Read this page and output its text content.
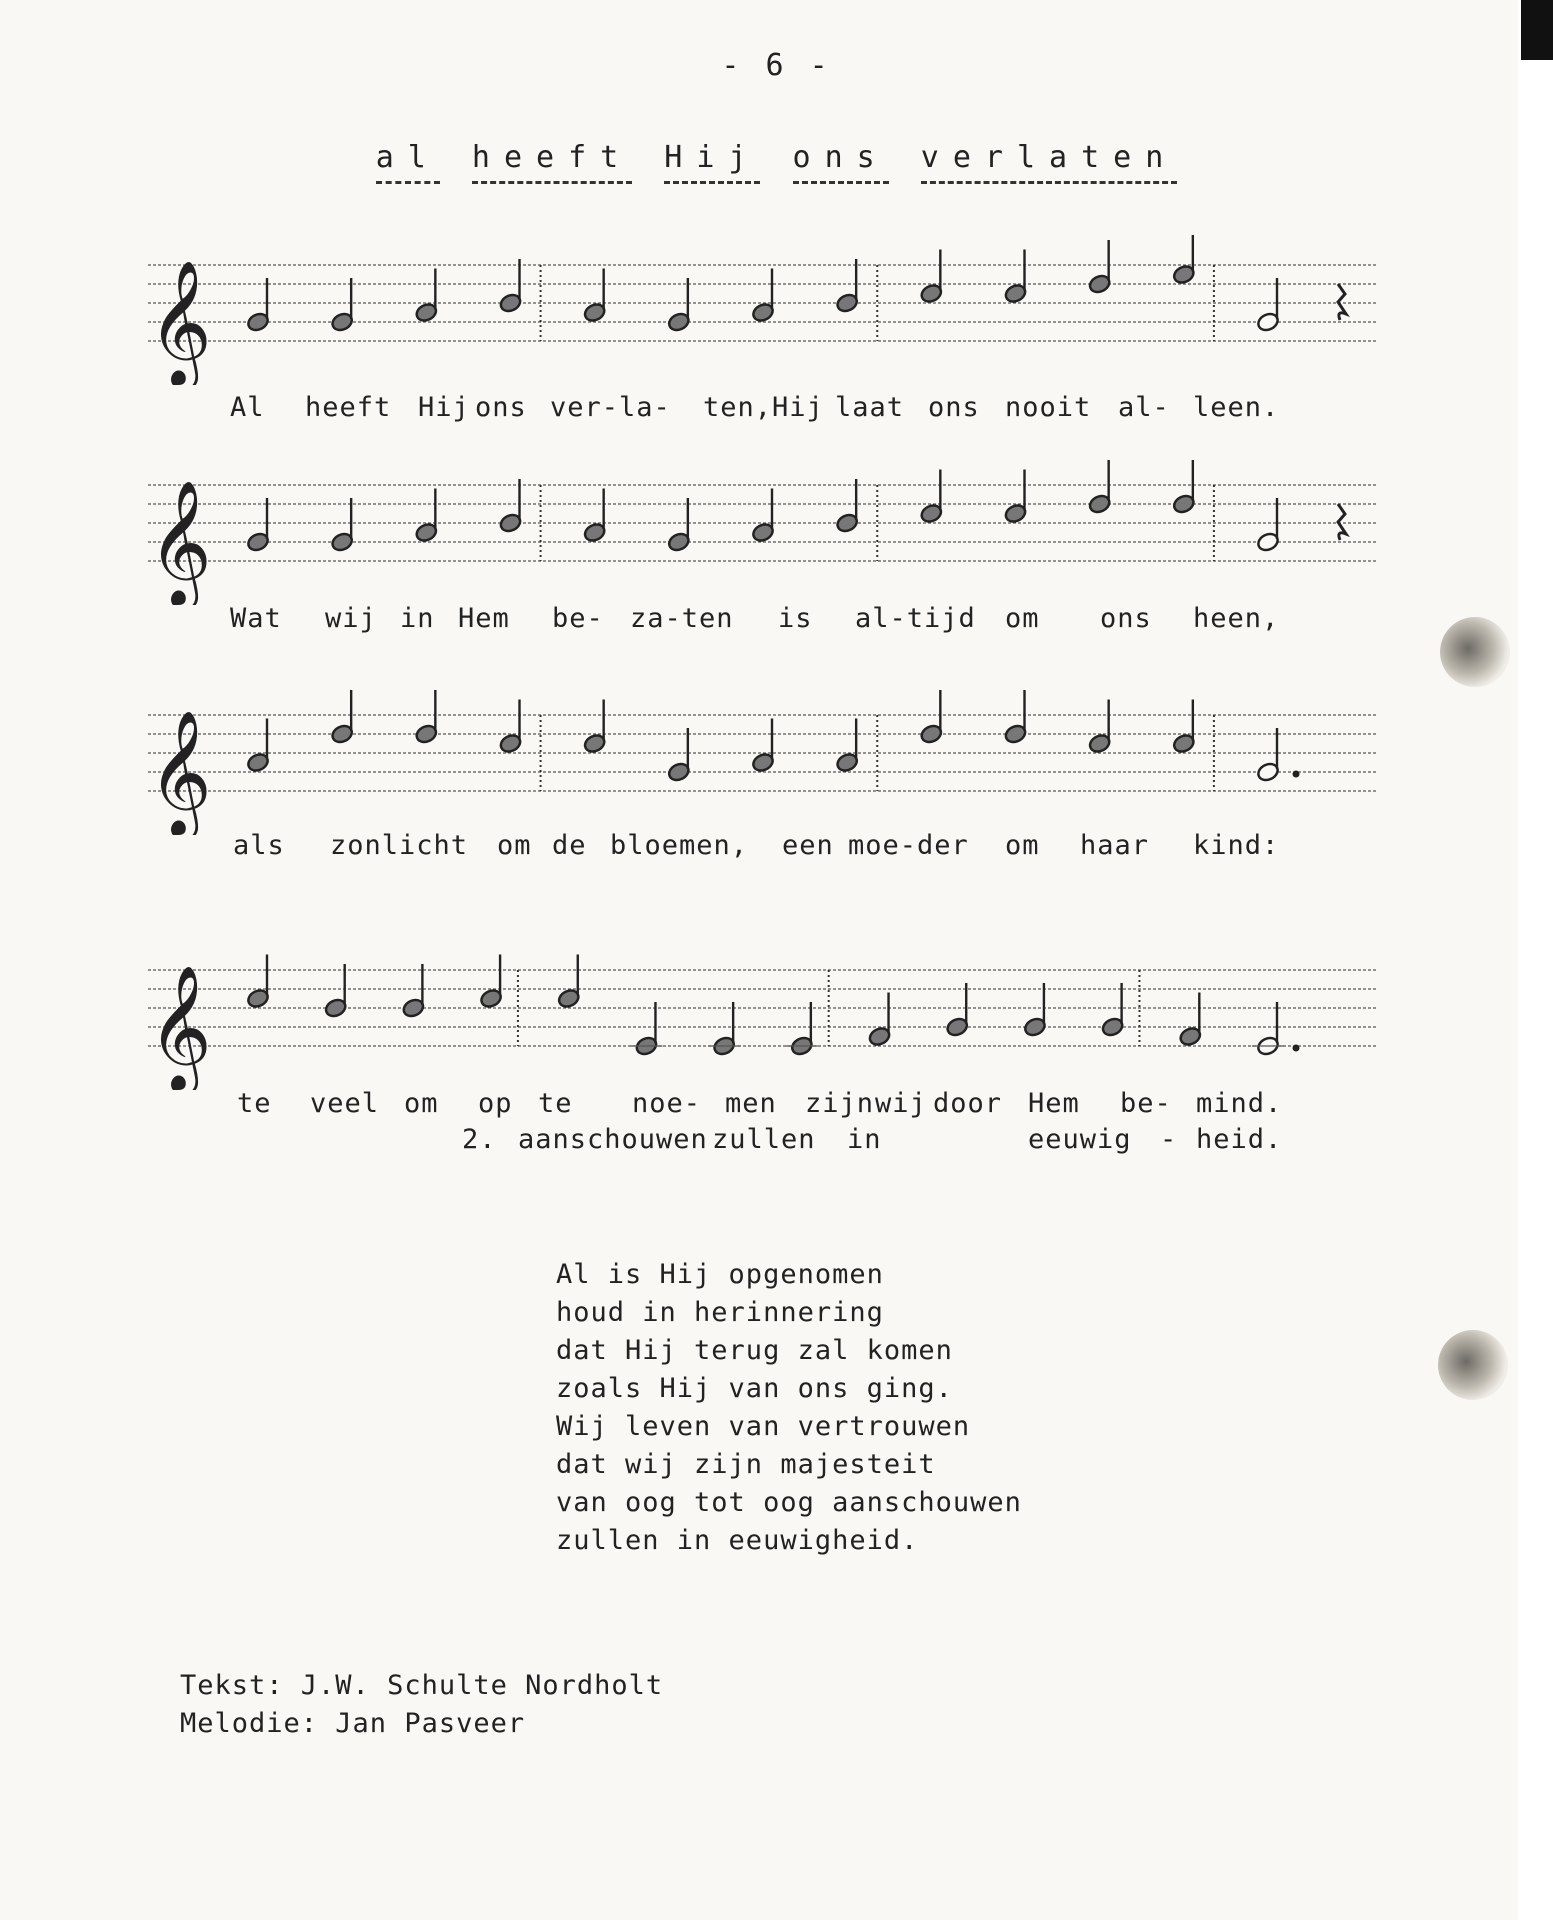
- 6 -
al heeft Hij ons verlaten
𝄞
𝄞
𝄞
𝄞
Al is Hij opgenomen
houd in herinnering
dat Hij terug zal komen
zoals Hij van ons ging.
Wij leven van vertrouwen
dat wij zijn majesteit
van oog tot oog aanschouwen
zullen in eeuwigheid.
Tekst: J.W. Schulte Nordholt
Melodie: Jan Pasveer
Al heeft Hij ons ver-la- ten,Hij laat ons nooit al- leen.
Wat wij in Hem be- za-ten is al-tijd om ons heen,
als zonlicht om de bloemen, een moe-der om haar kind:
te veel om op te noe- men zijn wij door Hem be- mind.
2. aanschouwen zullen in	eeuwig - heid.
